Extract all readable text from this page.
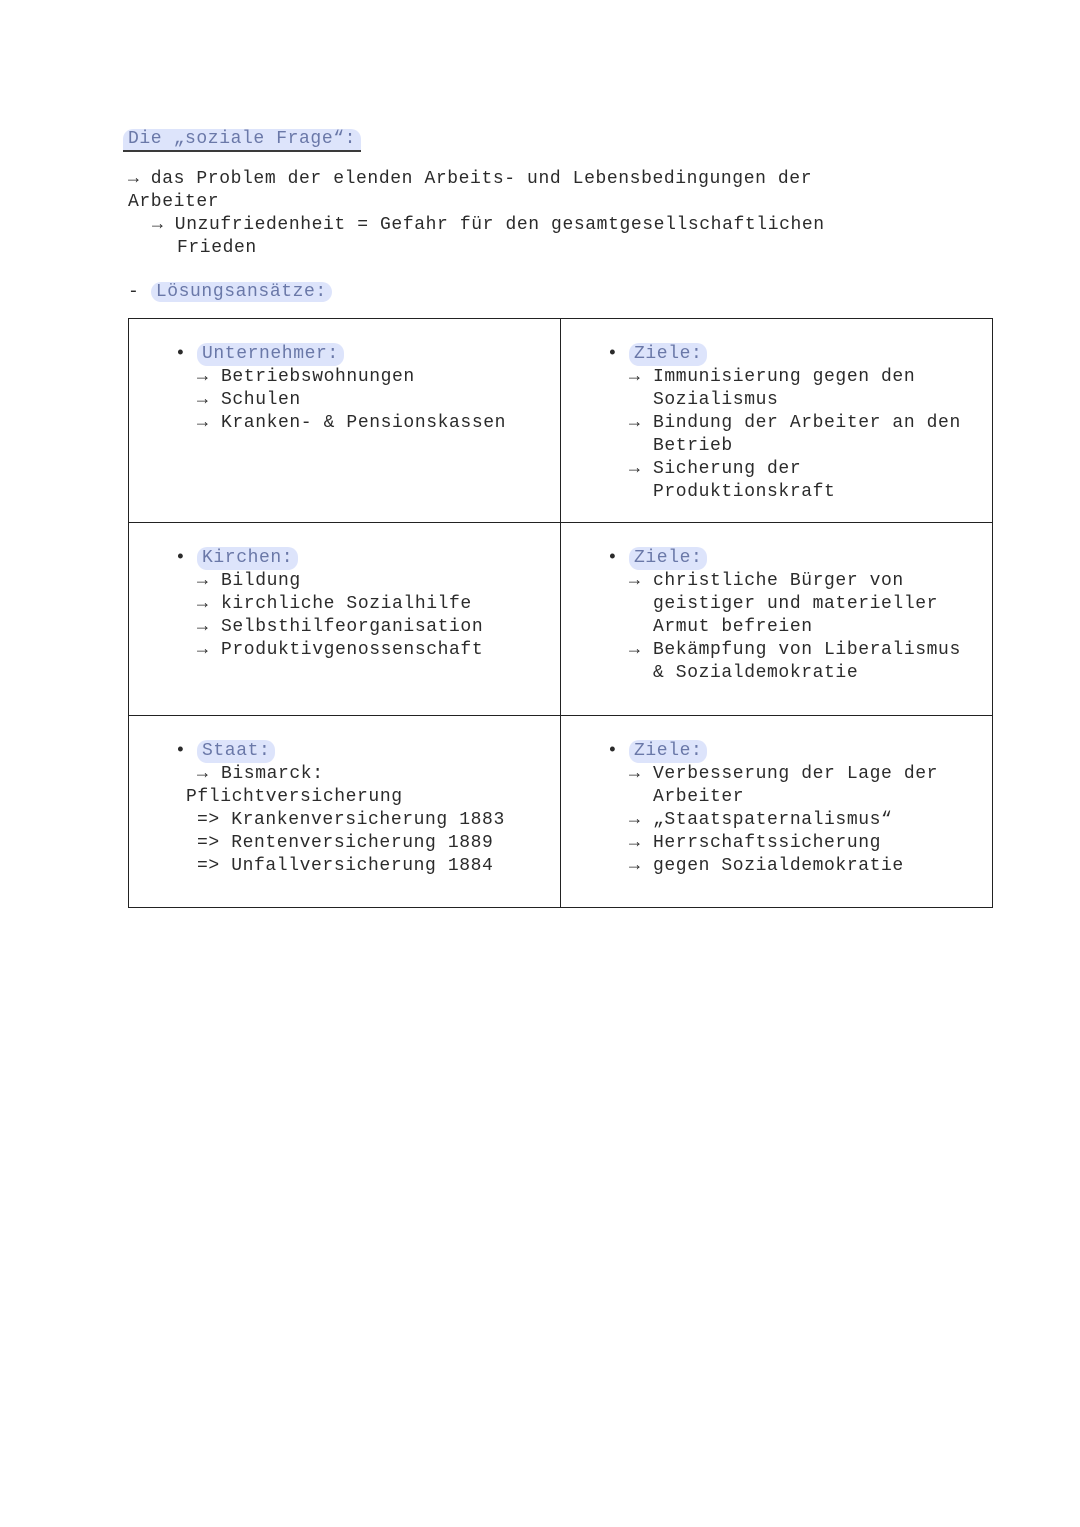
Die „soziale Frage“:
→ das Problem der elenden Arbeits- und Lebensbedingungen der
Arbeiter
→ Unzufriedenheit = Gefahr für den gesamtgesellschaftlichen
Frieden
- Lösungsansätze:
• Unternehmer:
→ Betriebswohnungen
→ Schulen
→ Kranken- & Pensionskassen
• Ziele:
→ Immunisierung gegen den
Sozialismus
→ Bindung der Arbeiter an den
Betrieb
→ Sicherung der
Produktionskraft
• Kirchen:
→ Bildung
→ kirchliche Sozialhilfe
→ Selbsthilfeorganisation
→ Produktivgenossenschaft
• Ziele:
→ christliche Bürger von
geistiger und materieller
Armut befreien
→ Bekämpfung von Liberalismus
& Sozialdemokratie
• Staat:
→ Bismarck:
Pflichtversicherung
=> Krankenversicherung 1883
=> Rentenversicherung 1889
=> Unfallversicherung 1884
• Ziele:
→ Verbesserung der Lage der
Arbeiter
→ „Staatspaternalismus“
→ Herrschaftssicherung
→ gegen Sozialdemokratie
